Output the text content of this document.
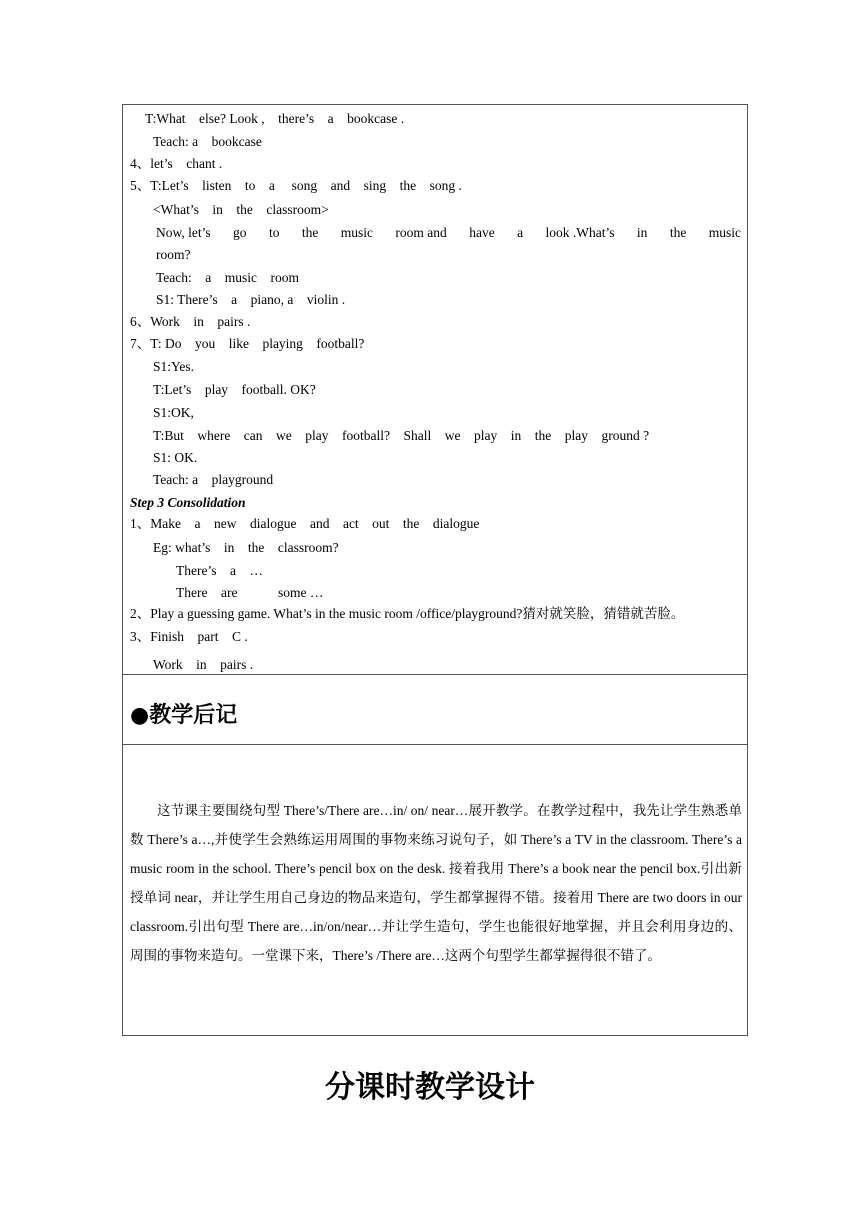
T:What    else? Look ,    there’s    a    bookcase .
Teach: a    bookcase
4、let’s    chant .
5、T:Let’s    listen    to    a     song    and    sing    the    song .
<What’s    in    the    classroom>
Now, let’s go to the music room and have a look .What’s in the music
room?
Teach:    a    music    room
S1: There’s    a    piano, a    violin .
6、Work    in    pairs .
7、T: Do    you    like    playing    football?
S1:Yes.
T:Let’s    play    football. OK?
S1:OK,
T:But    where    can    we    play    football?    Shall    we    play    in    the    play    ground ?
S1: OK.
Teach: a    playground
Step 3 Consolidation
1、Make    a    new    dialogue    and    act    out    the    dialogue
Eg: what’s    in    the    classroom?
There’s    a    …
There    are            some …
2、Play a guessing game. What’s in the music room /office/playground?猜对就笑脸，猜错就苦脸。
3、Finish    part    C .
Work    in    pairs .
●教学后记
这节课主要围绕句型 There’s/There are…in/ on/ near…展开教学。在教学过程中，我先让学生熟悉单数 There’s a…,并使学生会熟练运用周围的事物来练习说句子，如 There’s a TV in the classroom. There’s a music room in the school. There’s pencil box on the desk. 接着我用 There’s a book near the pencil box.引出新授单词 near，并让学生用自己身边的物品来造句，学生都掌握得不错。接着用 There are two doors in our classroom.引出句型 There are…in/on/near…并让学生造句，学生也能很好地掌握，并且会利用身边的、周围的事物来造句。一堂课下来，There’s /There are…这两个句型学生都掌握得很不错了。
分课时教学设计
